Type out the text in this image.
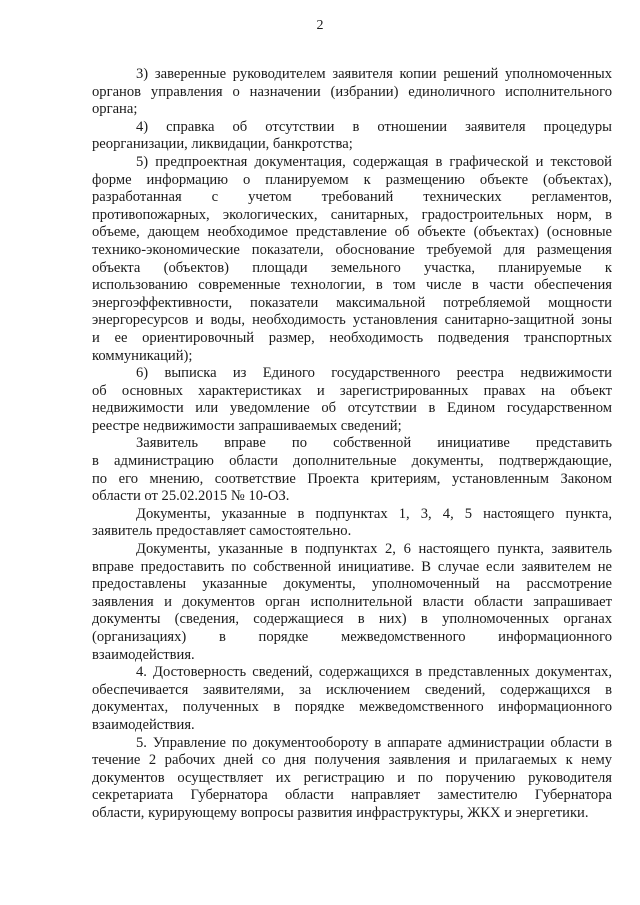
2
3) заверенные руководителем заявителя копии решений уполномоченных
органов управления о назначении (избрании) единоличного исполнительного
органа;
4) справка об отсутствии в отношении заявителя процедуры
реорганизации, ликвидации, банкротства;
5) предпроектная документация, содержащая в графической и текстовой
форме информацию о планируемом к размещению объекте (объектах),
разработанная с учетом требований технических регламентов,
противопожарных, экологических, санитарных, градостроительных норм, в
объеме, дающем необходимое представление об объекте (объектах) (основные
технико-экономические показатели, обоснование требуемой для размещения
объекта (объектов) площади земельного участка, планируемые к
использованию современные технологии, в том числе в части обеспечения
энергоэффективности, показатели максимальной потребляемой мощности
энергоресурсов и воды, необходимость установления санитарно-защитной зоны
и ее ориентировочный размер, необходимость подведения транспортных
коммуникаций);
6) выписка из Единого государственного реестра недвижимости
об основных характеристиках и зарегистрированных правах на объект
недвижимости или уведомление об отсутствии в Едином государственном
реестре недвижимости запрашиваемых сведений;
Заявитель вправе по собственной инициативе представить
в администрацию области дополнительные документы, подтверждающие,
по его мнению, соответствие Проекта критериям, установленным Законом
области от 25.02.2015 № 10-ОЗ.
Документы, указанные в подпунктах 1, 3, 4, 5 настоящего пункта,
заявитель предоставляет самостоятельно.
Документы, указанные в подпунктах 2, 6 настоящего пункта, заявитель
вправе предоставить по собственной инициативе. В случае если заявителем не
предоставлены указанные документы, уполномоченный на рассмотрение
заявления и документов орган исполнительной власти области запрашивает
документы (сведения, содержащиеся в них) в уполномоченных органах
(организациях) в порядке межведомственного информационного
взаимодействия.
4. Достоверность сведений, содержащихся в представленных документах,
обеспечивается заявителями, за исключением сведений, содержащихся в
документах, полученных в порядке межведомственного информационного
взаимодействия.
5. Управление по документообороту в аппарате администрации области в
течение 2 рабочих дней со дня получения заявления и прилагаемых к нему
документов осуществляет их регистрацию и по поручению руководителя
секретариата Губернатора области направляет заместителю Губернатора
области, курирующему вопросы развития инфраструктуры, ЖКХ и энергетики.
